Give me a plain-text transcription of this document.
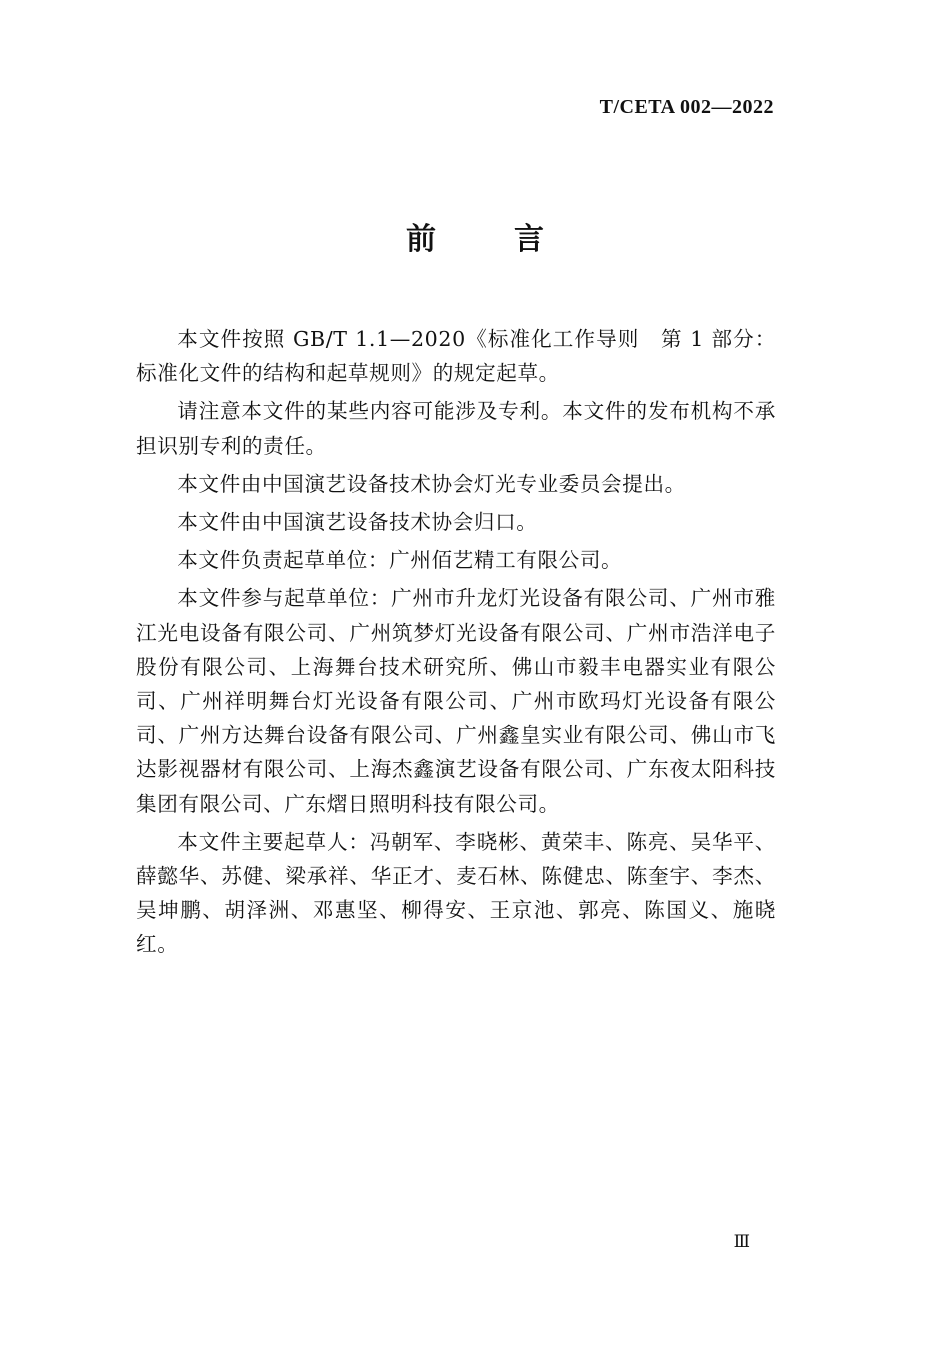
T/CETA 002—2022
前言

本文件按照 GB/T 1.1—2020《标准化工作导则　第 1 部分：标准化文件的结构和起草规则》的规定起草。

请注意本文件的某些内容可能涉及专利。本文件的发布机构不承担识别专利的责任。

本文件由中国演艺设备技术协会灯光专业委员会提出。

本文件由中国演艺设备技术协会归口。

本文件负责起草单位：广州佰艺精工有限公司。

本文件参与起草单位：广州市升龙灯光设备有限公司、广州市雅江光电设备有限公司、广州筑梦灯光设备有限公司、广州市浩洋电子股份有限公司、上海舞台技术研究所、佛山市毅丰电器实业有限公司、广州祥明舞台灯光设备有限公司、广州市欧玛灯光设备有限公司、广州方达舞台设备有限公司、广州鑫皇实业有限公司、佛山市飞达影视器材有限公司、上海杰鑫演艺设备有限公司、广东夜太阳科技集团有限公司、广东熠日照明科技有限公司。

本文件主要起草人：冯朝军、李晓彬、黄荣丰、陈亮、吴华平、薛懿华、苏健、梁承祥、华正才、麦石林、陈健忠、陈奎宇、李杰、吴坤鹏、胡泽洲、邓惠坚、柳得安、王京池、郭亮、陈国义、施晓红。

Ⅲ
